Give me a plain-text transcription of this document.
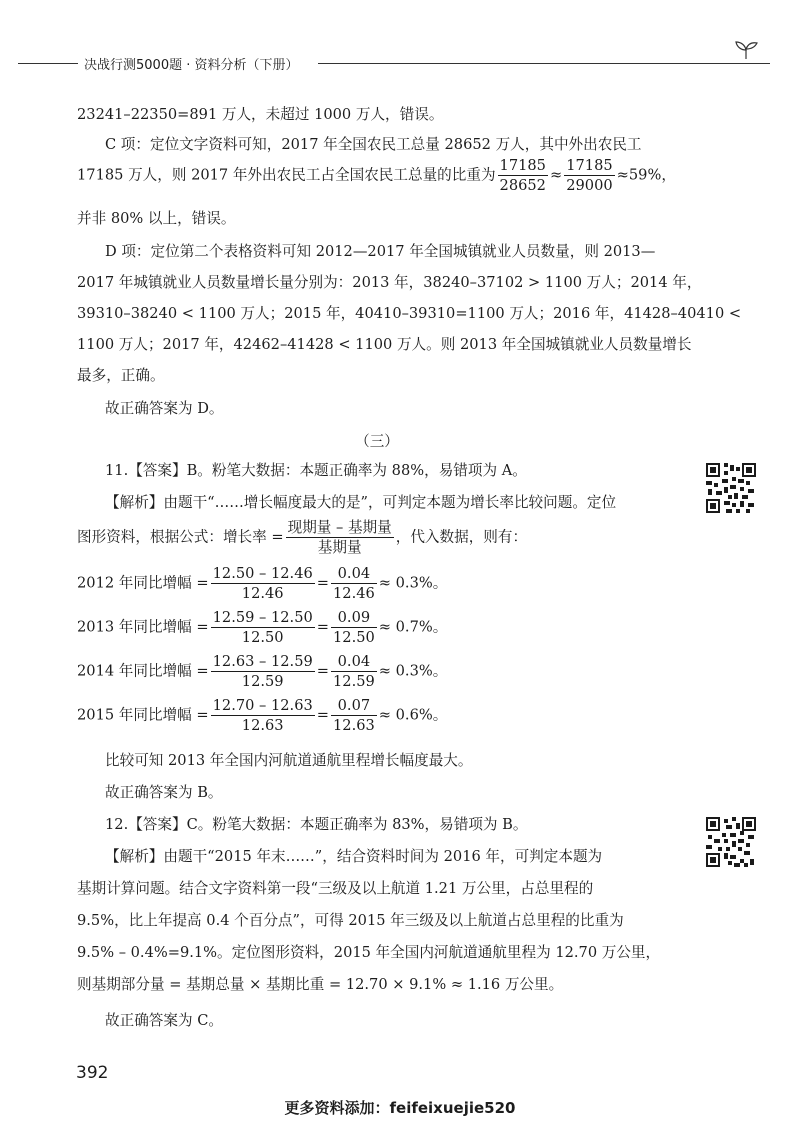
决战行测5000题 · 资料分析（下册）
23241–22350=891 万人，未超过 1000 万人，错误。
C 项：定位文字资料可知，2017 年全国农民工总量 28652 万人，其中外出农民工
17185 万人，则 2017 年外出农民工占全国农民工总量的比重为 $\frac{17185}{28652} \approx \frac{17185}{29000} \approx 59\%$，
并非 80% 以上，错误。
D 项：定位第二个表格资料可知 2012—2017 年全国城镇就业人员数量，则 2013—
2017 年城镇就业人员数量增长量分别为：2013 年，38240–37102 > 1100 万人；2014 年，
39310–38240 < 1100 万人；2015 年，40410–39310=1100 万人；2016 年，41428–40410 <
1100 万人；2017 年，42462–41428 < 1100 万人。则 2013 年全国城镇就业人员数量增长
最多，正确。
故正确答案为 D。
（三）
11.【答案】B。粉笔大数据：本题正确率为 88%，易错项为 A。
【解析】由题干“……增长幅度最大的是”，可判定本题为增长率比较问题。定位
图形资料，根据公式：增长率 =
现期量 – 基期量
基期量
，代入数据，则有：
2012 年同比增幅 = $\frac{12.50 - 12.46}{12.46} = \frac{0.04}{12.46} \approx 0.3\%$。
2013 年同比增幅 = $\frac{12.59 - 12.50}{12.50} = \frac{0.09}{12.50} \approx 0.7\%$。
2014 年同比增幅 = $\frac{12.63 - 12.59}{12.59} = \frac{0.04}{12.59} \approx 0.3\%$。
2015 年同比增幅 = $\frac{12.70 - 12.63}{12.63} = \frac{0.07}{12.63} \approx 0.6\%$。
比较可知 2013 年全国内河航道通航里程增长幅度最大。
故正确答案为 B。
12.【答案】C。粉笔大数据：本题正确率为 83%，易错项为 B。
【解析】由题干“2015 年末……”，结合资料时间为 2016 年，可判定本题为
基期计算问题。结合文字资料第一段“三级及以上航道 1.21 万公里，占总里程的
9.5%，比上年提高 0.4 个百分点”，可得 2015 年三级及以上航道占总里程的比重为
9.5% – 0.4%=9.1%。定位图形资料，2015 年全国内河航道通航里程为 12.70 万公里，
则基期部分量 = 基期总量 × 基期比重 = 12.70 × 9.1% ≈ 1.16 万公里。
故正确答案为 C。
392
更多资料添加：feifeixuejie520
